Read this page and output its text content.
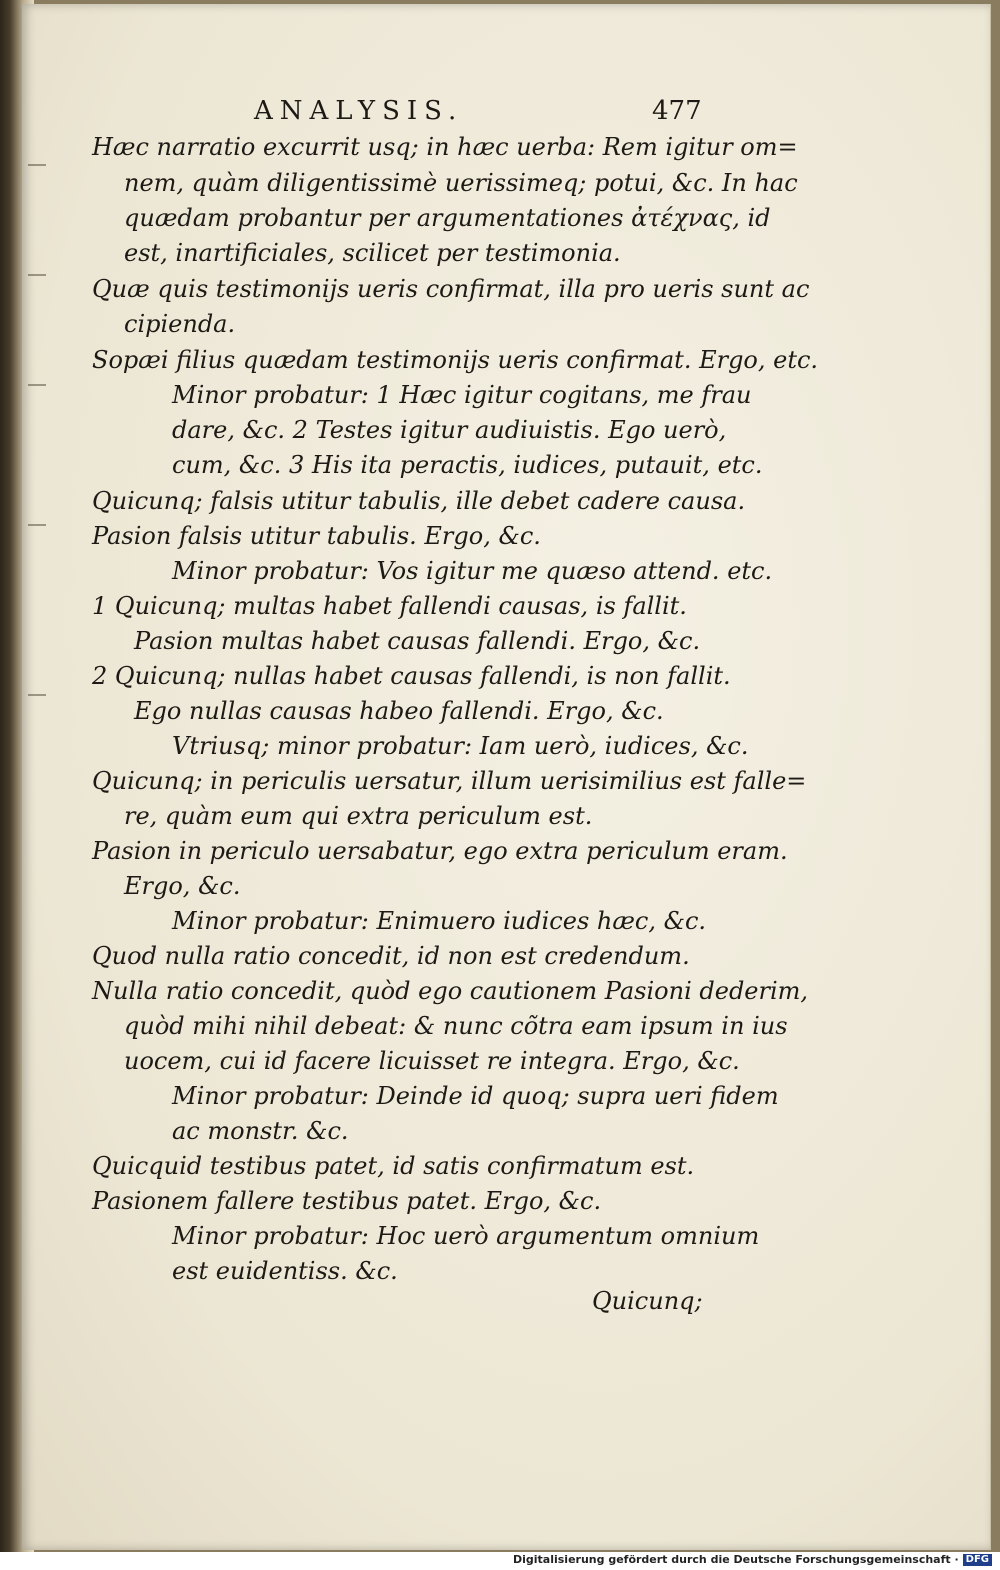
ANALYSIS.	477
Hæc narratio excurrit usq; in hæc uerba: Rem igitur om=
nem, quàm diligentissimè uerissimeq; potui, &c. In hac
quædam probantur per argumentationes ἀτέχνας, id
est, inartificiales, scilicet per testimonia.
Quæ quis testimonijs ueris confirmat, illa pro ueris sunt ac
cipienda.
Sopæi filius quædam testimonijs ueris confirmat. Ergo, etc.
Minor probatur: 1 Hæc igitur cogitans, me frau
dare, &c. 2 Testes igitur audiuistis. Ego uerò,
cum, &c. 3 His ita peractis, iudices, putauit, etc.
Quicunq; falsis utitur tabulis, ille debet cadere causa.
Pasion falsis utitur tabulis. Ergo, &c.
Minor probatur: Vos igitur me quæso attend. etc.
1 Quicunq; multas habet fallendi causas, is fallit.
Pasion multas habet causas fallendi. Ergo, &c.
2 Quicunq; nullas habet causas fallendi, is non fallit.
Ego nullas causas habeo fallendi. Ergo, &c.
Vtriusq; minor probatur: Iam uerò, iudices, &c.
Quicunq; in periculis uersatur, illum uerisimilius est falle=
re, quàm eum qui extra periculum est.
Pasion in periculo uersabatur, ego extra periculum eram.
Ergo, &c.
Minor probatur: Enimuero iudices hæc, &c.
Quod nulla ratio concedit, id non est credendum.
Nulla ratio concedit, quòd ego cautionem Pasioni dederim,
quòd mihi nihil debeat: & nunc cõtra eam ipsum in ius
uocem, cui id facere licuisset re integra. Ergo, &c.
Minor probatur: Deinde id quoq; supra ueri fidem
ac monstr. &c.
Quicquid testibus patet, id satis confirmatum est.
Pasionem fallere testibus patet. Ergo, &c.
Minor probatur: Hoc uerò argumentum omnium
est euidentiss. &c.
Quicunq;
Digitalisierung gefördert durch die Deutsche Forschungsgemeinschaft · DFG
